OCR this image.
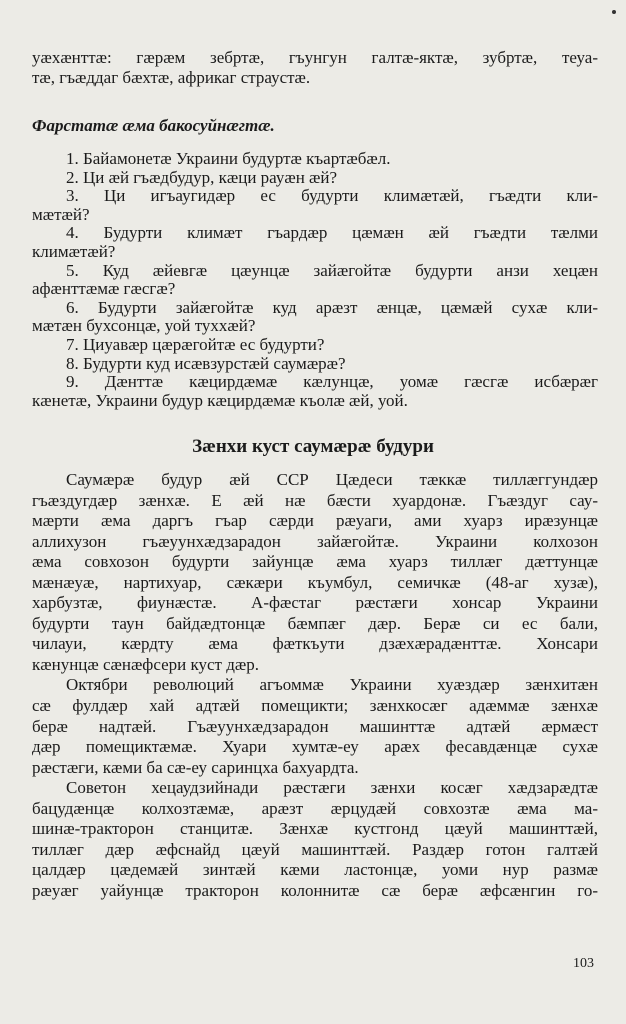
уæхæнттæ: гæрæм зебртæ, гъунгун галтæ-яктæ, зубртæ, теуа-
тæ, гъæддаг бæхтæ, африкаг страустæ.
Фарстатæ æма бакосуйнæгтæ.
1. Байамонетæ Украини будуртæ къартæбæл.
2. Ци æй гъæдбудур, кæци рауæн æй?
3. Ци игъаугидæр ес будурти климæтæй, гъæдти кли-
мæтæй?
4. Будурти климæт гъардæр цæмæн æй гъæдти тæлми
климæтæй?
5. Куд æйевгæ цæунцæ зайæгойтæ будурти анзи хецæн
афæнттæмæ гæсгæ?
6. Будурти зайæгойтæ куд арæзт æнцæ, цæмæй сухæ кли-
мæтæн бухсонцæ, уой туххæй?
7. Циуавæр цæрæгойтæ ес будурти?
8. Будурти куд исæвзурстæй саумæрæ?
9. Дæнттæ кæцирдæмæ кæлунцæ, уомæ гæсгæ исбæрæг
кæнетæ, Украини будур кæцирдæмæ къолæ æй, уой.
Зæнхи куст саумæрæ будури
Саумæрæ будур æй ССР Цæдеси тæккæ тиллæггундæр
гъæздугдæр зæнхæ. Е æй нæ бæсти хуардонæ. Гъæздуг сау-
мæрти æма даргъ гъар сæрди рæуаги, ами хуарз ирæзунцæ
аллихузон гъæуунхæдзарадон зайæгойтæ. Украини колхозон
æма совхозон будурти зайунцæ æма хуарз тиллæг дæттунцæ
мæнæуæ, нартихуар, сæкæри къумбул, семичкæ (48-аг хузæ),
харбузтæ, фиунæстæ. А-фæстаг рæстæги хонсар Украини
будурти таун байдæдтонцæ бæмпæг дæр. Берæ си ес бали,
чилауи, кæрдту æма фæткъути дзæхæрадæнттæ. Хонсари
кæнунцæ сæнæфсери куст дæр.
Октябри революций агъоммæ Украини хуæздæр зæнхитæн
сæ фулдæр хай адтæй помещикти; зæнхкосæг адæммæ зæнхæ
берæ надтæй. Гъæуунхæдзарадон машинттæ адтæй æрмæст
дæр помещиктæмæ. Хуари хумтæ-еу арæх фесавдæнцæ сухæ
рæстæги, кæми ба сæ-еу саринцха бахуардта.
Советон хецаудзийнади рæстæги зæнхи косæг хæдзарæдтæ
бацудæнцæ колхозтæмæ, арæзт æрцудæй совхозтæ æма ма-
шинæ-тракторон станцитæ. Зæнхæ кустгонд цæуй машинттæй,
тиллæг дæр æфснайд цæуй машинттæй. Раздæр готон галтæй
цалдæр цæдемæй зинтæй кæми ластонцæ, уоми нур размæ
рæуæг уайунцæ тракторон колоннитæ сæ берæ æфсæнгин го-
103
